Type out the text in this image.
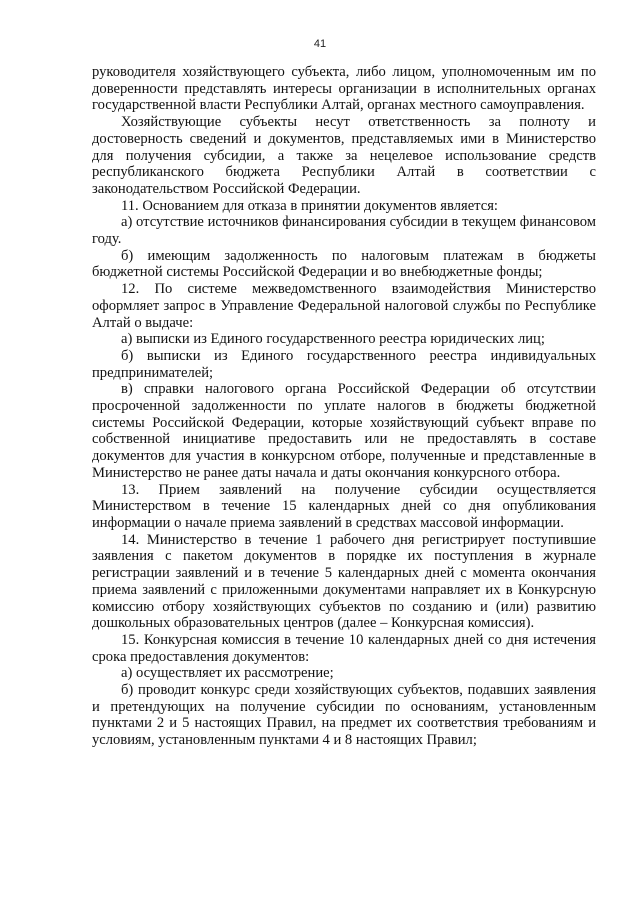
41

руководителя хозяйствующего субъекта, либо лицом, уполномоченным им по доверенности представлять интересы организации в исполнительных органах государственной власти Республики Алтай, органах местного самоуправления.

Хозяйствующие субъекты несут ответственность за полноту и достоверность сведений и документов, представляемых ими в Министерство для получения субсидии, а также за нецелевое использование средств республиканского бюджета Республики Алтай в соответствии с законодательством Российской Федерации.

11. Основанием для отказа в принятии документов является:

а) отсутствие источников финансирования субсидии в текущем финансовом году.

б) имеющим задолженность по налоговым платежам в бюджеты бюджетной системы Российской Федерации и во внебюджетные фонды;

12. По системе межведомственного взаимодействия Министерство оформляет запрос в Управление Федеральной налоговой службы по Республике Алтай о выдаче:

а) выписки из Единого государственного реестра юридических лиц;

б) выписки из Единого государственного реестра индивидуальных предпринимателей;

в) справки налогового органа Российской Федерации об отсутствии просроченной задолженности по уплате налогов в бюджеты бюджетной системы Российской Федерации, которые хозяйствующий субъект вправе по собственной инициативе предоставить или не предоставлять в составе документов для участия в конкурсном отборе, полученные и представленные в Министерство не ранее даты начала и даты окончания конкурсного отбора.

13. Прием заявлений на получение субсидии осуществляется Министерством в течение 15 календарных дней со дня опубликования информации о начале приема заявлений в средствах массовой информации.

14. Министерство в течение 1 рабочего дня регистрирует поступившие заявления с пакетом документов в порядке их поступления в журнале регистрации заявлений и в течение 5 календарных дней с момента окончания приема заявлений с приложенными документами направляет их в Конкурсную комиссию отбору хозяйствующих субъектов по созданию и (или) развитию дошкольных образовательных центров (далее – Конкурсная комиссия).

15. Конкурсная комиссия в течение 10 календарных дней со дня истечения срока предоставления документов:

а) осуществляет их рассмотрение;

б) проводит конкурс среди хозяйствующих субъектов, подавших заявления и претендующих на получение субсидии по основаниям, установленным пунктами 2 и 5 настоящих Правил, на предмет их соответствия требованиям и условиям, установленным пунктами 4 и 8 настоящих Правил;
